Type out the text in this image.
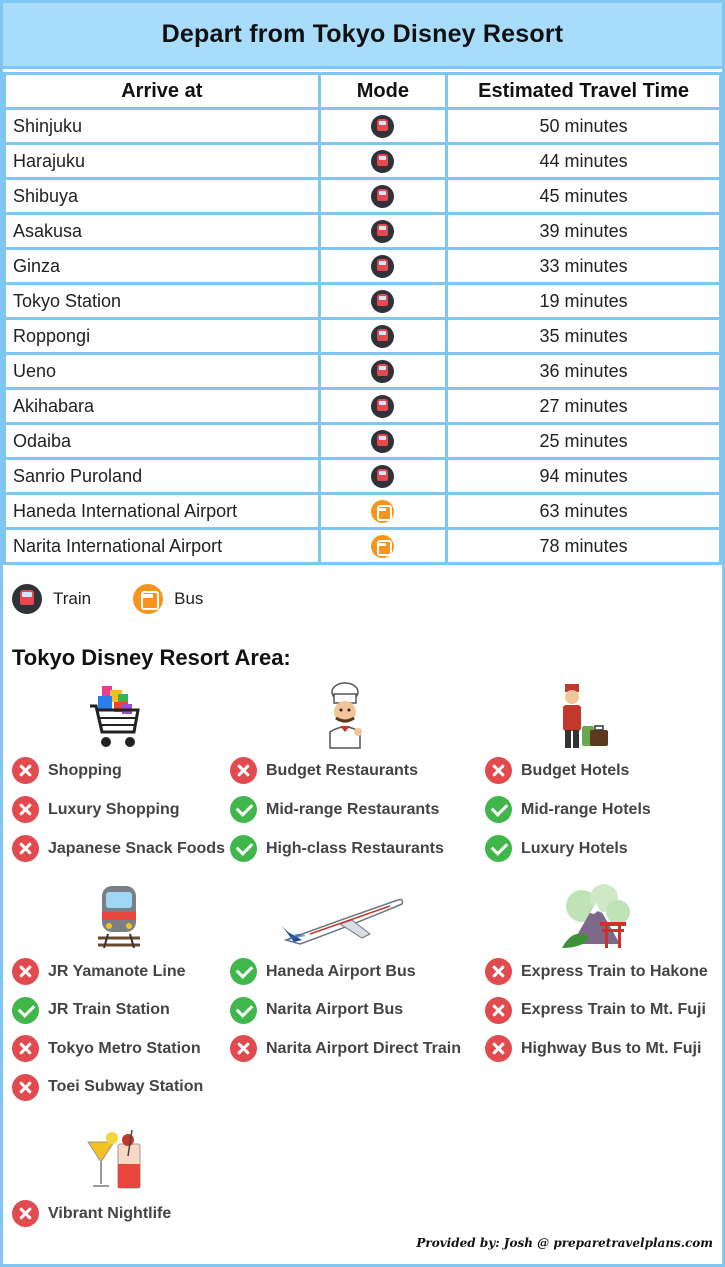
Depart from Tokyo Disney Resort
Arrive at	Mode	Estimated Travel Time
Shinjuku		50 minutes
Harajuku		44 minutes
Shibuya		45 minutes
Asakusa		39 minutes
Ginza		33 minutes
Tokyo Station		19 minutes
Roppongi		35 minutes
Ueno		36 minutes
Akihabara		27 minutes
Odaiba		25 minutes
Sanrio Puroland		94 minutes
Haneda International Airport		63 minutes
Narita International Airport		78 minutes
Train	Bus
Tokyo Disney Resort Area:
Shopping
Luxury Shopping
Japanese Snack Foods
Budget Restaurants
Mid-range Restaurants
High-class Restaurants
Budget Hotels
Mid-range Hotels
Luxury Hotels
JR Yamanote Line
JR Train Station
Tokyo Metro Station
Toei Subway Station
Haneda Airport Bus
Narita Airport Bus
Narita Airport Direct Train
Express Train to Hakone
Express Train to Mt. Fuji
Highway Bus to Mt. Fuji
Vibrant Nightlife
Provided by: Josh @ preparetravelplans.com
